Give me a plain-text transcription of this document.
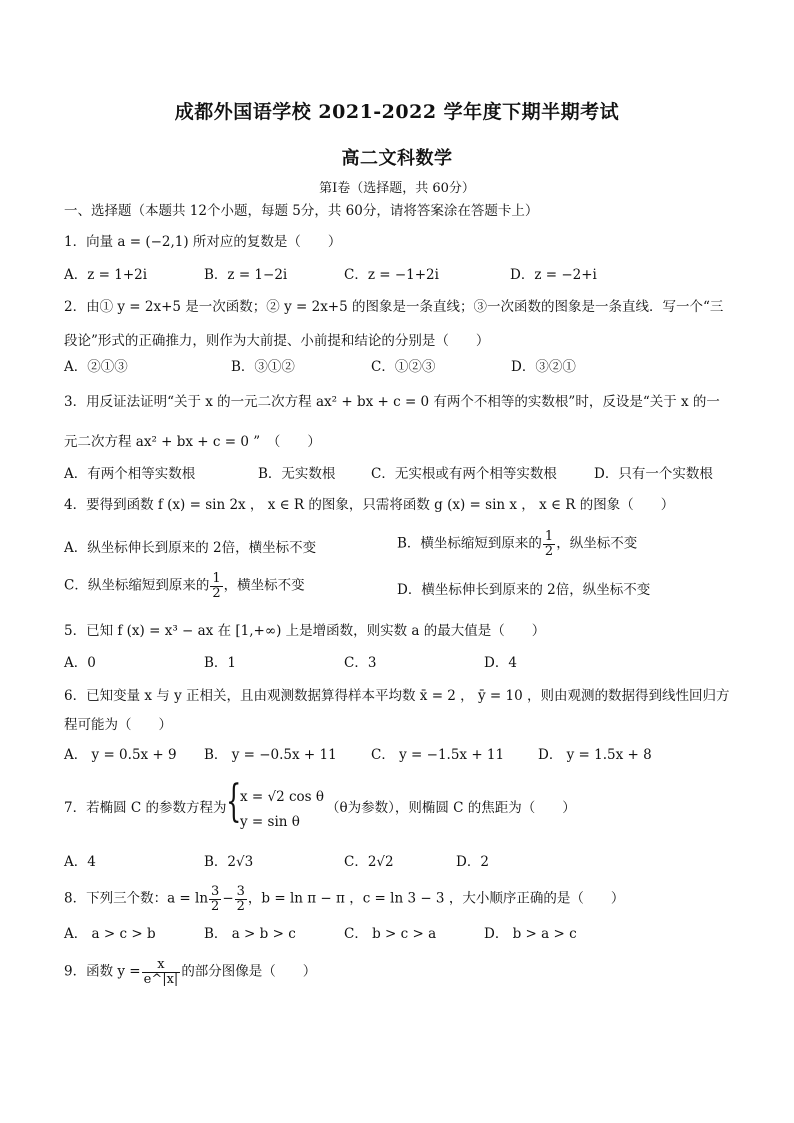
成都外国语学校 2021-2022 学年度下期半期考试
高二文科数学
第Ⅰ卷（选择题，共 60分）
一、选择题（本题共 12个小题，每题 5分，共 60分，请将答案涂在答题卡上）
1．向量 a = (−2,1) 所对应的复数是（　　）
A．z = 1+2i	B．z = 1−2i	C．z = −1+2i	D．z = −2+i
2．由① y = 2x+5 是一次函数；② y = 2x+5 的图象是一条直线；③一次函数的图象是一条直线．写一个“三
段论”形式的正确推力，则作为大前提、小前提和结论的分别是（　　）
A．②①③	B．③①②	C．①②③	D．③②①
3．用反证法证明“关于 x 的一元二次方程 ax² + bx + c = 0 有两个不相等的实数根”时，反设是“关于 x 的一
元二次方程 ax² + bx + c = 0 ”　（　　）
A．有两个相等实数根	B．无实数根	C．无实根或有两个相等实数根	D．只有一个实数根
4．要得到函数 f (x) = sin 2x ， x ∈ R 的图象，只需将函数 g (x) = sin x ， x ∈ R 的图象（　　）
A．纵坐标伸长到原来的 2倍，横坐标不变	B．横坐标缩短到原来的 $\frac{1}{2}$ ，纵坐标不变
C．纵坐标缩短到原来的 $\frac{1}{2}$ ，横坐标不变	D．横坐标伸长到原来的 2倍，纵坐标不变
5．已知 f (x) = x³ − ax 在 [1,+∞) 上是增函数，则实数 a 的最大值是（　　）
A．0	B．1	C．3	D．4
6．已知变量 x 与 y 正相关，且由观测数据算得样本平均数 x̄ = 2 ， ȳ = 10 ，则由观测的数据得到线性回归方
程可能为（　　）
A． y = 0.5x + 9 B． y = −0.5x + 11	C． y = −1.5x + 11	D． y = 1.5x + 8
7．若椭圆 C 的参数方程为 {
x = √2 cos θ
y = sin θ
（θ为参数），则椭圆 C 的焦距为（　　）
A．4	B．2√3	C．2√2	D．2
8．下列三个数：$a = \ln \frac{3}{2} - \frac{3}{2}$ ，b = ln π − π ，c = ln 3 − 3 ，大小顺序正确的是（　　）
A． a > c > b	B． a > b > c	C． b > c > a	D． b > a > c
9．函数 $y = \frac{x}{e\^{}|x|}$ 的部分图像是（　　）
